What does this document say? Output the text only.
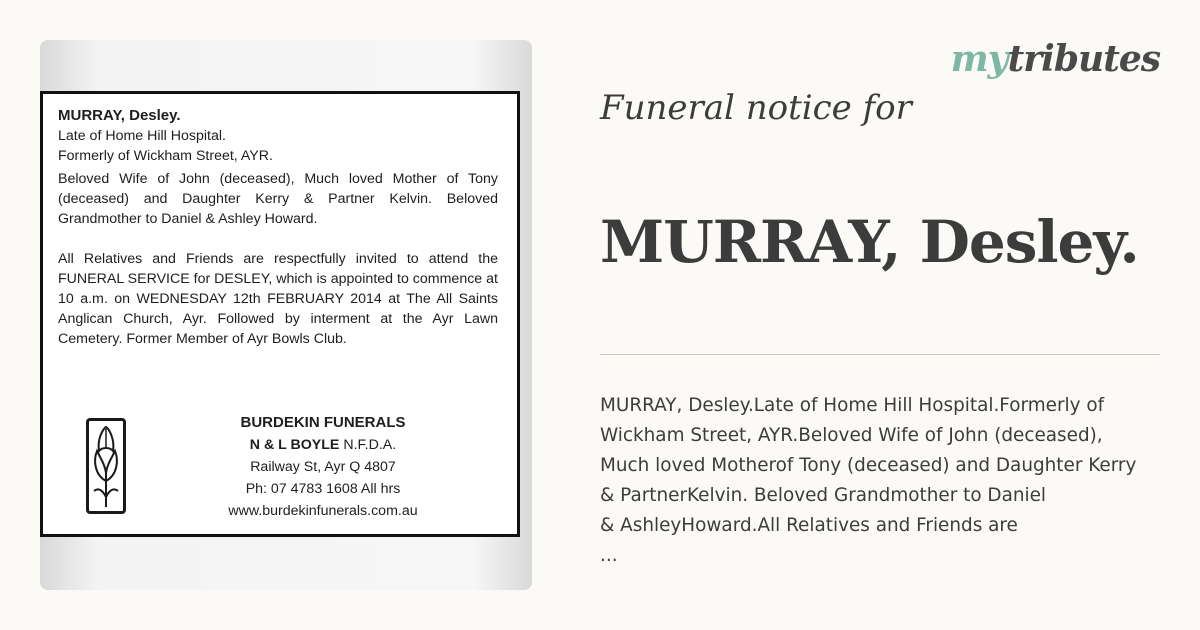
MURRAY, Desley.
Late of Home Hill Hospital.
Formerly of Wickham Street, AYR.
Beloved Wife of John (deceased), Much loved Mother of Tony (deceased) and Daughter Kerry & Partner Kelvin. Beloved Grandmother to Daniel & Ashley Howard.
All Relatives and Friends are respectfully invited to attend the FUNERAL SERVICE for DESLEY, which is appointed to commence at 10 a.m. on WEDNESDAY 12th FEBRUARY 2014 at The All Saints Anglican Church, Ayr. Followed by interment at the Ayr Lawn Cemetery. Former Member of Ayr Bowls Club.
BURDEKIN FUNERALS
N & L BOYLE N.F.D.A.
Railway St, Ayr Q 4807
Ph: 07 4783 1608 All hrs
www.burdekinfunerals.com.au
mytributes
Funeral notice for
MURRAY, Desley.
MURRAY, Desley.Late of Home Hill Hospital.Formerly of
Wickham Street, AYR.Beloved Wife of John (deceased),
Much loved Motherof Tony (deceased) and Daughter Kerry
& PartnerKelvin. Beloved Grandmother to Daniel
& AshleyHoward.All Relatives and Friends are
...
